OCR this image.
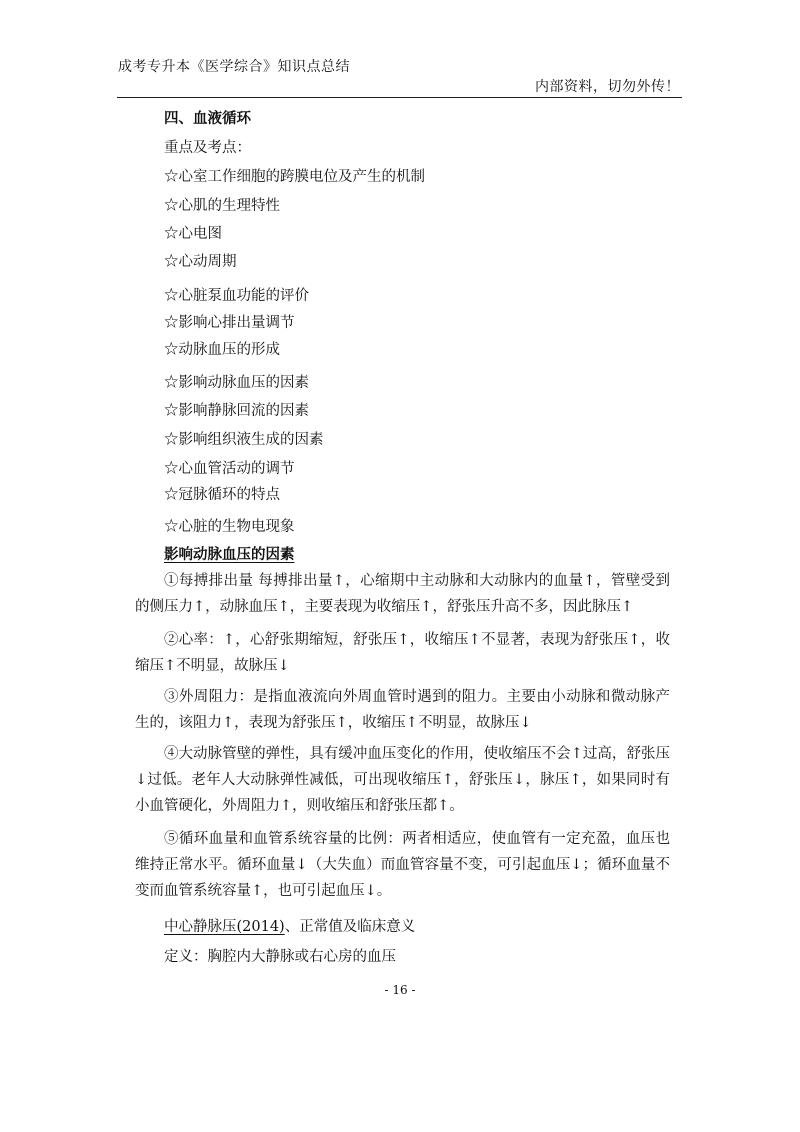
成考专升本《医学综合》知识点总结
内部资料，切勿外传！
四、血液循环
重点及考点：
☆心室工作细胞的跨膜电位及产生的机制
☆心肌的生理特性
☆心电图
☆心动周期
☆心脏泵血功能的评价
☆影响心排出量调节
☆动脉血压的形成
☆影响动脉血压的因素
☆影响静脉回流的因素
☆影响组织液生成的因素
☆心血管活动的调节
☆冠脉循环的特点
☆心脏的生物电现象
影响动脉血压的因素

①每搏排出量 每搏排出量↑，心缩期中主动脉和大动脉内的血量↑，管壁受到的侧压力↑，动脉血压↑，主要表现为收缩压↑，舒张压升高不多，因此脉压↑

②心率：↑，心舒张期缩短，舒张压↑，收缩压↑不显著，表现为舒张压↑，收缩压↑不明显，故脉压↓

③外周阻力：是指血液流向外周血管时遇到的阻力。主要由小动脉和微动脉产生的，该阻力↑，表现为舒张压↑，收缩压↑不明显，故脉压↓

④大动脉管壁的弹性，具有缓冲血压变化的作用，使收缩压不会↑过高，舒张压↓过低。老年人大动脉弹性减低，可出现收缩压↑，舒张压↓，脉压↑，如果同时有小血管硬化，外周阻力↑，则收缩压和舒张压都↑。

⑤循环血量和血管系统容量的比例：两者相适应，使血管有一定充盈，血压也维持正常水平。循环血量↓（大失血）而血管容量不变，可引起血压↓；循环血量不变而血管系统容量↑，也可引起血压↓。

中心静脉压(2014)、正常值及临床意义
定义：胸腔内大静脉或右心房的血压
- 16 -
